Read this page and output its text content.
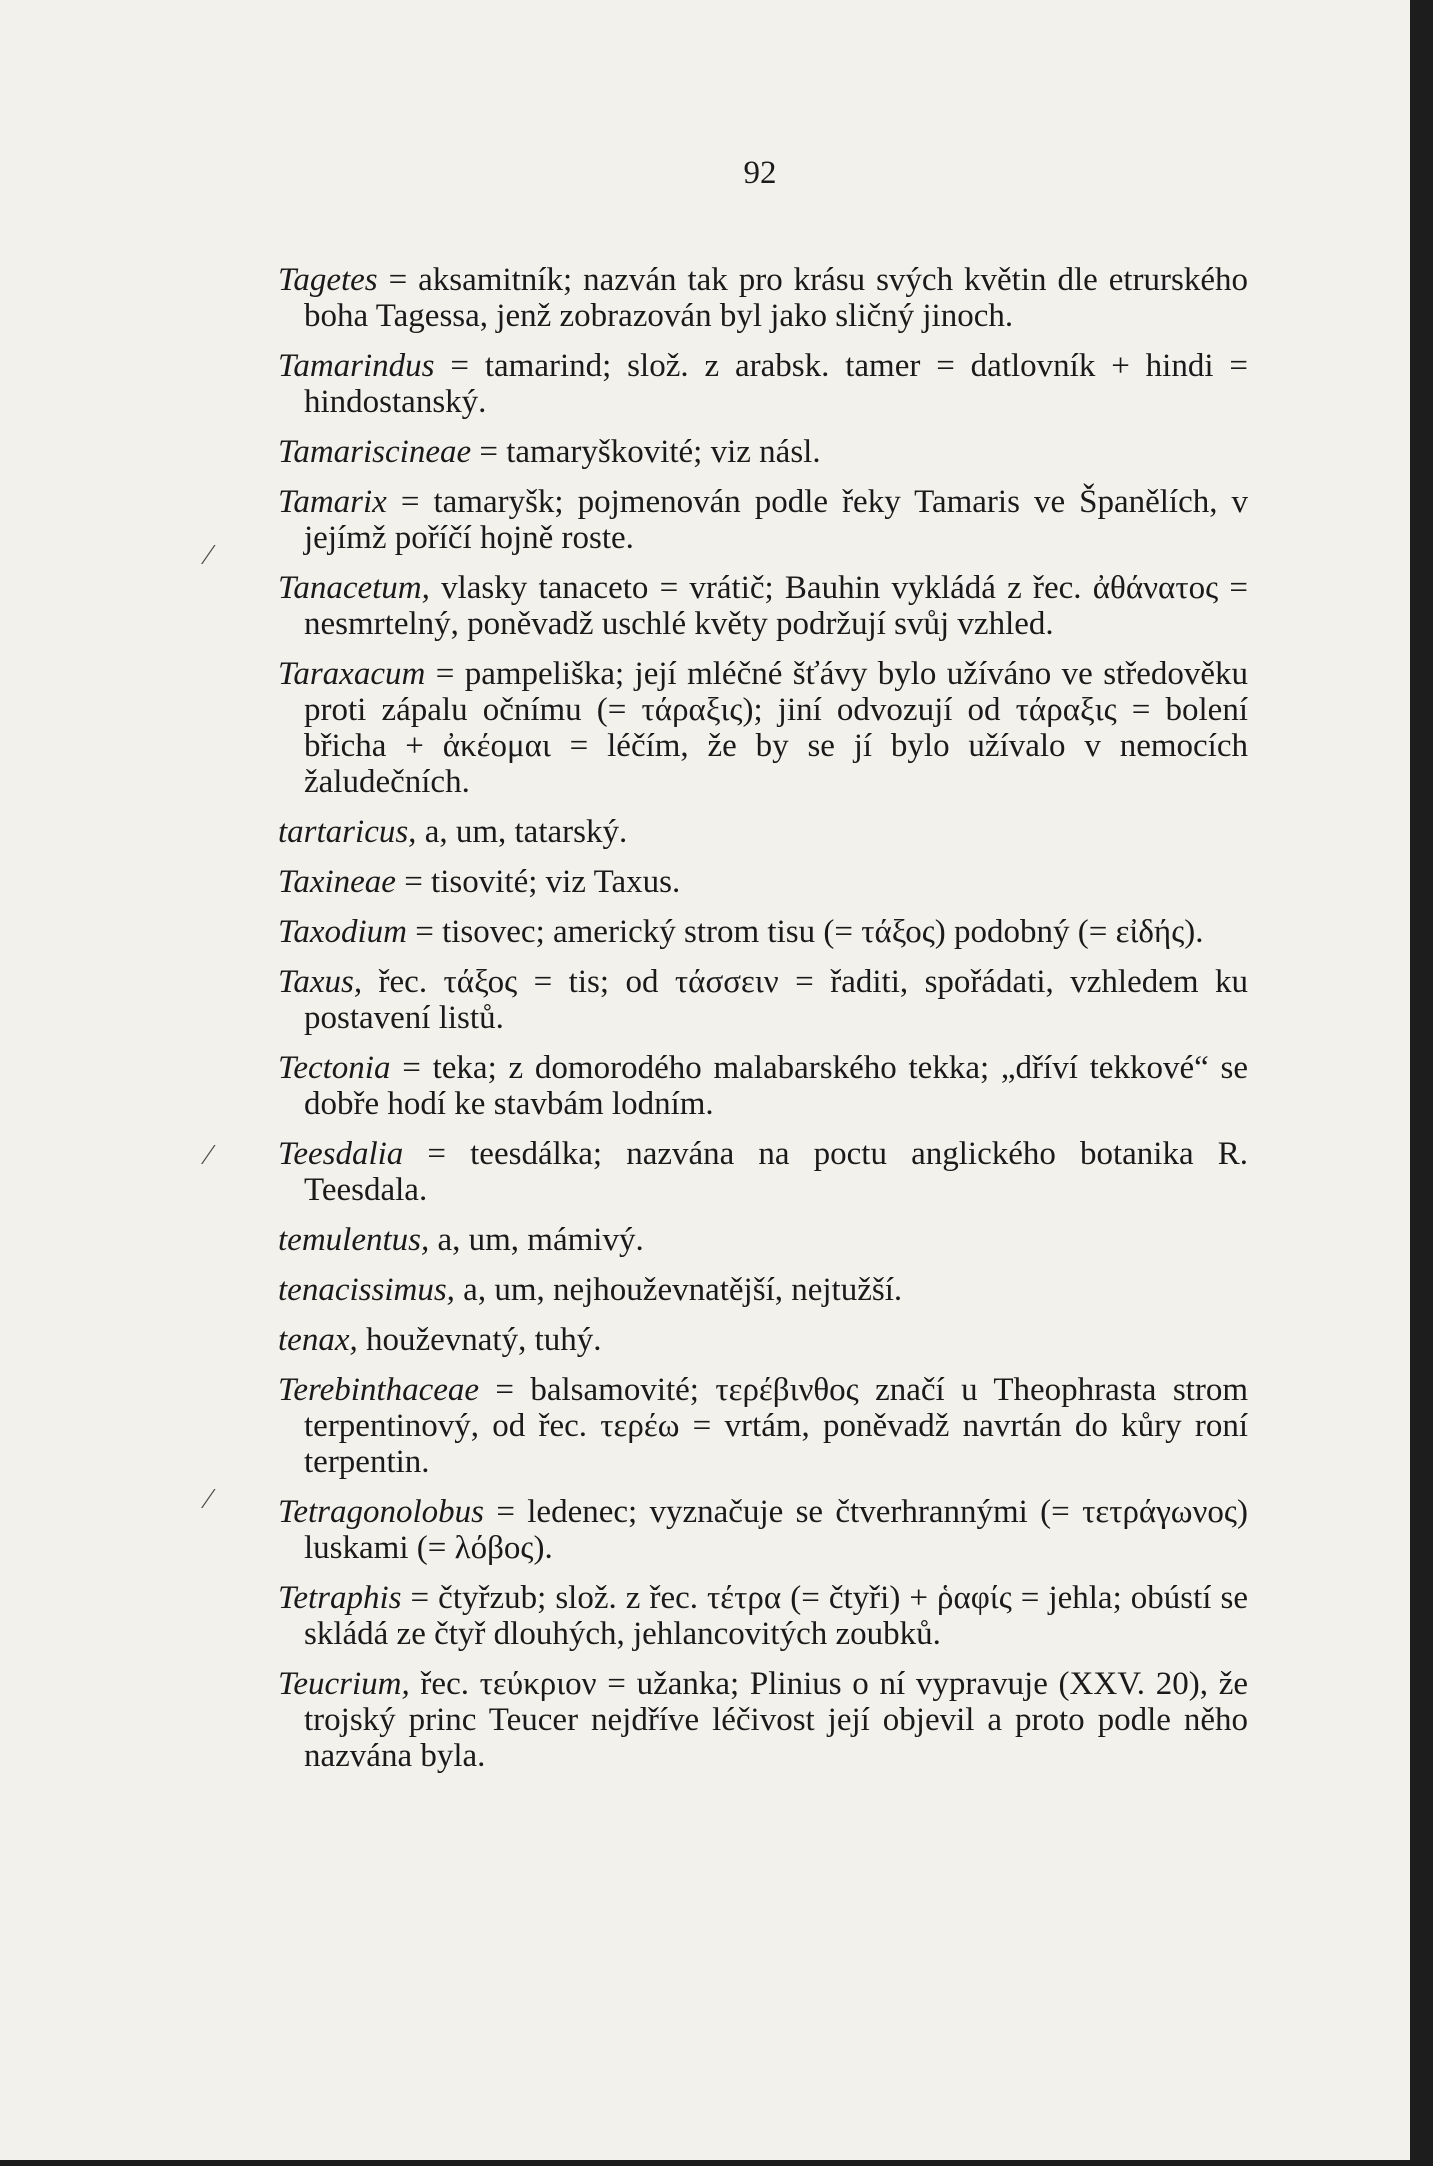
92

Tagetes = aksamitník; nazván tak pro krásu svých květin dle etrurského boha Tagessa, jenž zobrazován byl jako sličný jinoch.

Tamarindus = tamarind; slož. z arabsk. tamer = datlovník + hindi = hindostanský.

Tamariscineae = tamaryškovité; viz násl.

Tamarix = tamaryšk; pojmenován podle řeky Tamaris ve Španělích, v jejímž poříčí hojně roste.

Tanacetum, vlasky tanaceto = vrátič; Bauhin vykládá z řec. ἀθάνατος = nesmrtelný, poněvadž uschlé květy podržují svůj vzhled.

Taraxacum = pampeliška; její mléčné šťávy bylo užíváno ve středověku proti zápalu očnímu (= τάραξις); jiní odvozují od τάραξις = bolení břicha + ἀκέομαι = léčím, že by se jí bylo užívalo v nemocích žaludečních.

tartaricus, a, um, tatarský.

Taxineae = tisovité; viz Taxus.

Taxodium = tisovec; americký strom tisu (= τάξος) podobný (= εἰδής).

Taxus, řec. τάξος = tis; od τάσσειν = řaditi, spořádati, vzhledem ku postavení listů.

Tectonia = teka; z domorodého malabarského tekka; „dříví tekkové“ se dobře hodí ke stavbám lodním.

Teesdalia = teesdálka; nazvána na poctu anglického botanika R. Teesdala.

temulentus, a, um, mámivý.

tenacissimus, a, um, nejhouževnatější, nejtužší.

tenax, houževnatý, tuhý.

Terebinthaceae = balsamovité; τερέβινθος značí u Theophrasta strom terpentinový, od řec. τερέω = vrtám, poněvadž navrtán do kůry roní terpentin.

Tetragonolobus = ledenec; vyznačuje se čtverhrannými (= τετράγωνος) luskami (= λόβος).

Tetraphis = čtyřzub; slož. z řec. τέτρα (= čtyři) + ῥαφίς = jehla; obústí se skládá ze čtyř dlouhých, jehlancovitých zoubků.

Teucrium, řec. τεύκριον = užanka; Plinius o ní vypravuje (XXV. 20), že trojský princ Teucer nejdříve léčivost její objevil a proto podle něho nazvána byla.

⁄
⁄
⁄
